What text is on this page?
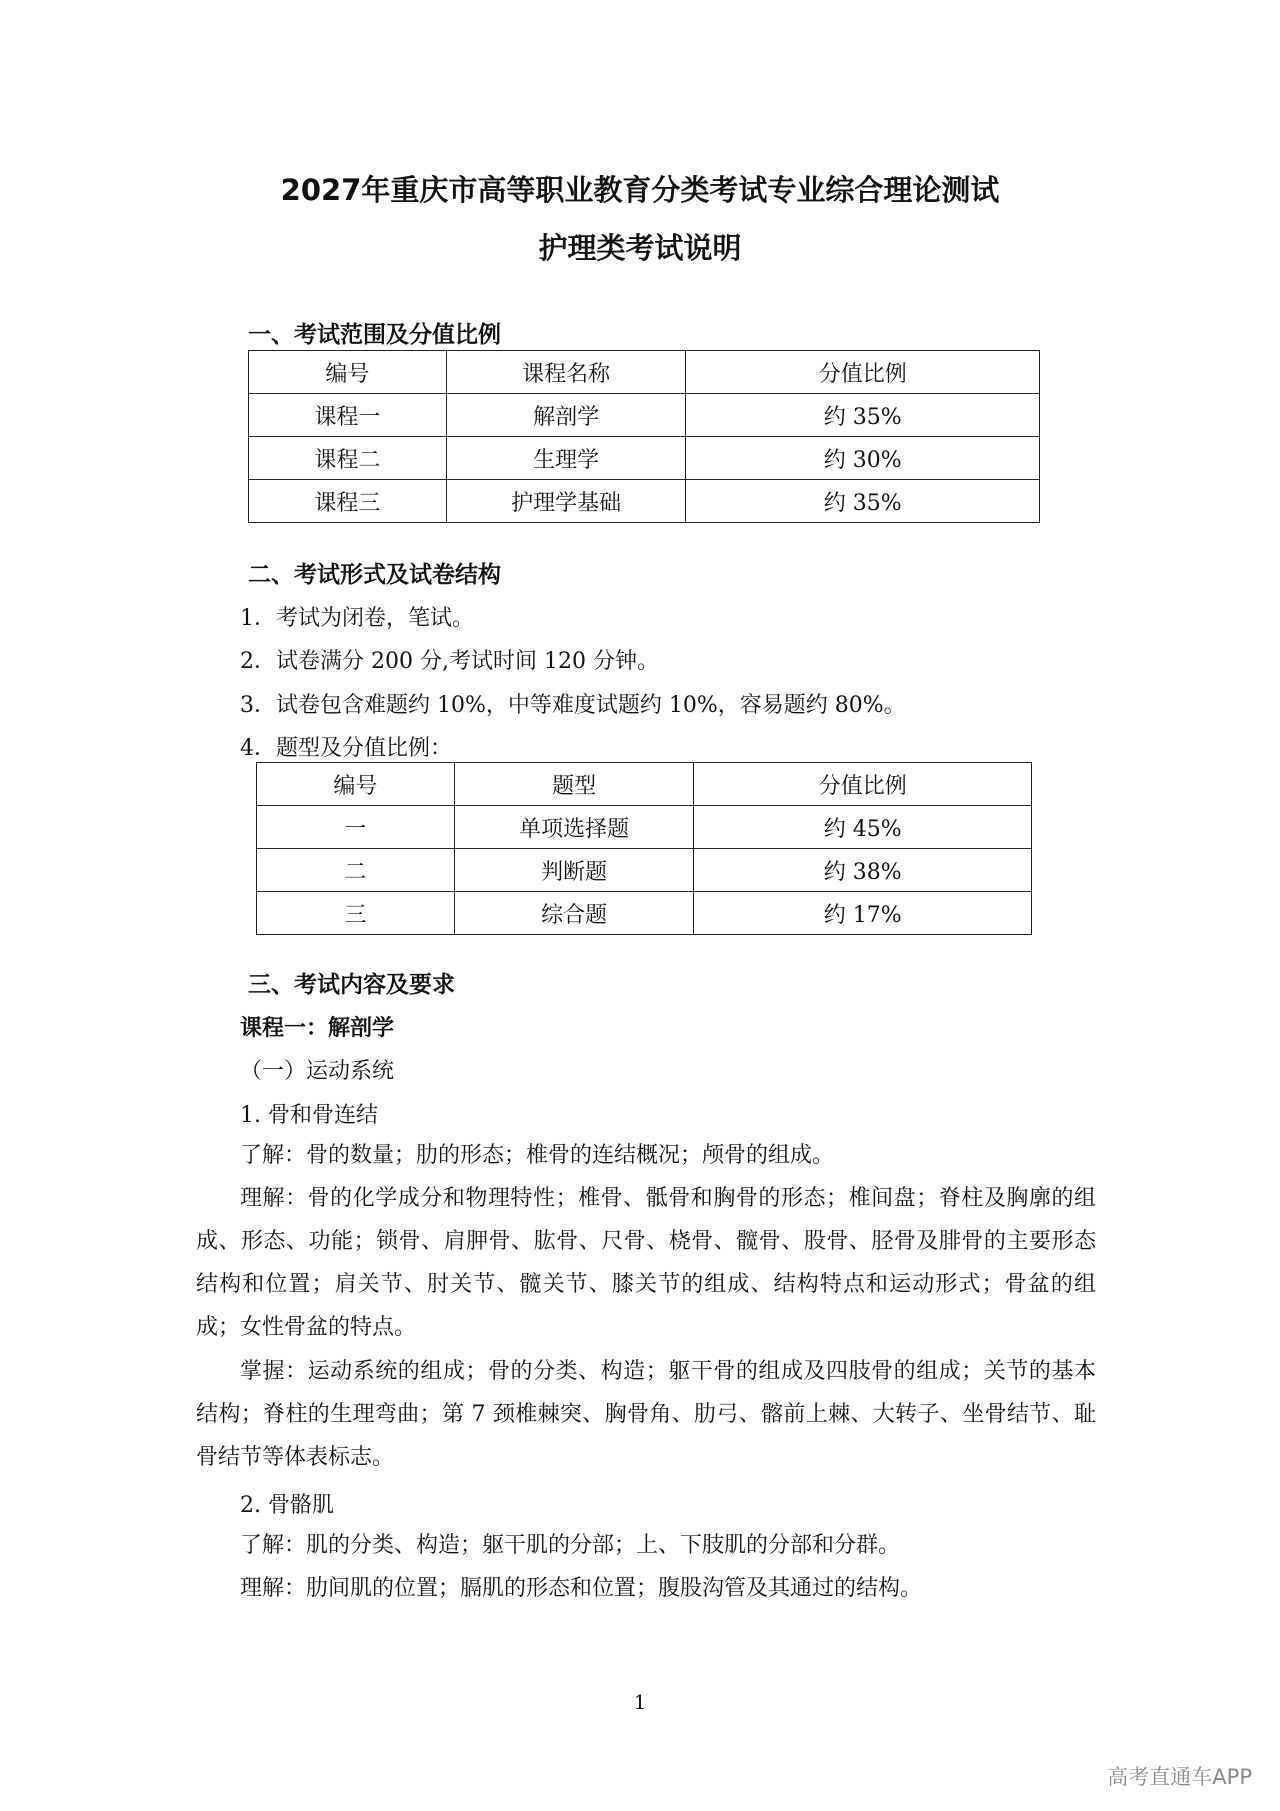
2027年重庆市高等职业教育分类考试专业综合理论测试
护理类考试说明
一、考试范围及分值比例
编号	课程名称	分值比例
课程一	解剖学	约 35%
课程二	生理学	约 30%
课程三	护理学基础	约 35%
二、考试形式及试卷结构

1．考试为闭卷，笔试。

2．试卷满分 200 分,考试时间 120 分钟。

3．试卷包含难题约 10%，中等难度试题约 10%，容易题约 80%。

4．题型及分值比例：

编号	题型	分值比例
一	单项选择题	约 45%
二	判断题	约 38%
三	综合题	约 17%
三、考试内容及要求

课程一：解剖学

（一）运动系统

1. 骨和骨连结

了解：骨的数量；肋的形态；椎骨的连结概况；颅骨的组成。

理解：骨的化学成分和物理特性；椎骨、骶骨和胸骨的形态；椎间盘；脊柱及胸廓的组成、形态、功能；锁骨、肩胛骨、肱骨、尺骨、桡骨、髋骨、股骨、胫骨及腓骨的主要形态结构和位置；肩关节、肘关节、髋关节、膝关节的组成、结构特点和运动形式；骨盆的组成；女性骨盆的特点。

掌握：运动系统的组成；骨的分类、构造；躯干骨的组成及四肢骨的组成；关节的基本结构；脊柱的生理弯曲；第 7 颈椎棘突、胸骨角、肋弓、髂前上棘、大转子、坐骨结节、耻骨结节等体表标志。

2. 骨骼肌

了解：肌的分类、构造；躯干肌的分部；上、下肢肌的分部和分群。

理解：肋间肌的位置；膈肌的形态和位置；腹股沟管及其通过的结构。

1

高考直通车APP
